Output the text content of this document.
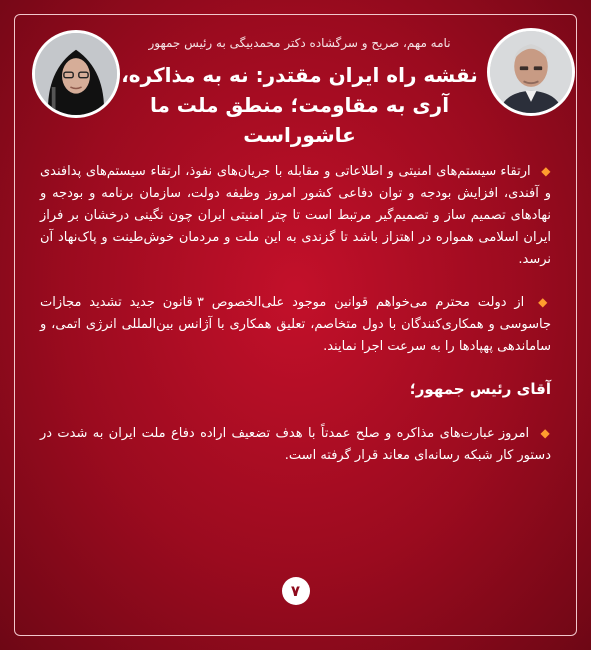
نامه مهم، صریح و سرگشاده دکتر محمدبیگی به رئیس جمهور
نقشه راه ایران مقتدر: نه به مذاکره،
آری به مقاومت؛ منطق ملت ما عاشوراست

◆ ارتقاء سیستم‌های امنیتی و اطلاعاتی و مقابله با جریان‌های نفوذ، ارتقاء سیستم‌های پدافندی و آفندی، افزایش بودجه و توان دفاعی کشور امروز وظیفه دولت، سازمان برنامه و بودجه و نهادهای تصمیم ساز و تصمیم‌گیر مرتبط است تا چتر امنیتی ایران چون نگینی درخشان بر فراز ایران اسلامی همواره در اهتزاز باشد تا گزندی به این ملت و مردمان خوش‌طینت و پاک‌نهاد آن نرسد.

◆ از دولت محترم می‌خواهم قوانین موجود علی‌الخصوص ۳ قانون جدید تشدید مجازات جاسوسی و همکاری‌کنندگان با دول متخاصم، تعلیق همکاری با آژانس بین‌المللی انرژی اتمی، و ساماندهی پهپادها را به سرعت اجرا نمایند.

آقای رئیس جمهور؛

◆ امروز عبارت‌های مذاکره و صلح عمدتاً با هدف تضعیف اراده دفاع ملت ایران به شدت در دستور کار شبکه رسانه‌ای معاند قرار گرفته است.

۷
